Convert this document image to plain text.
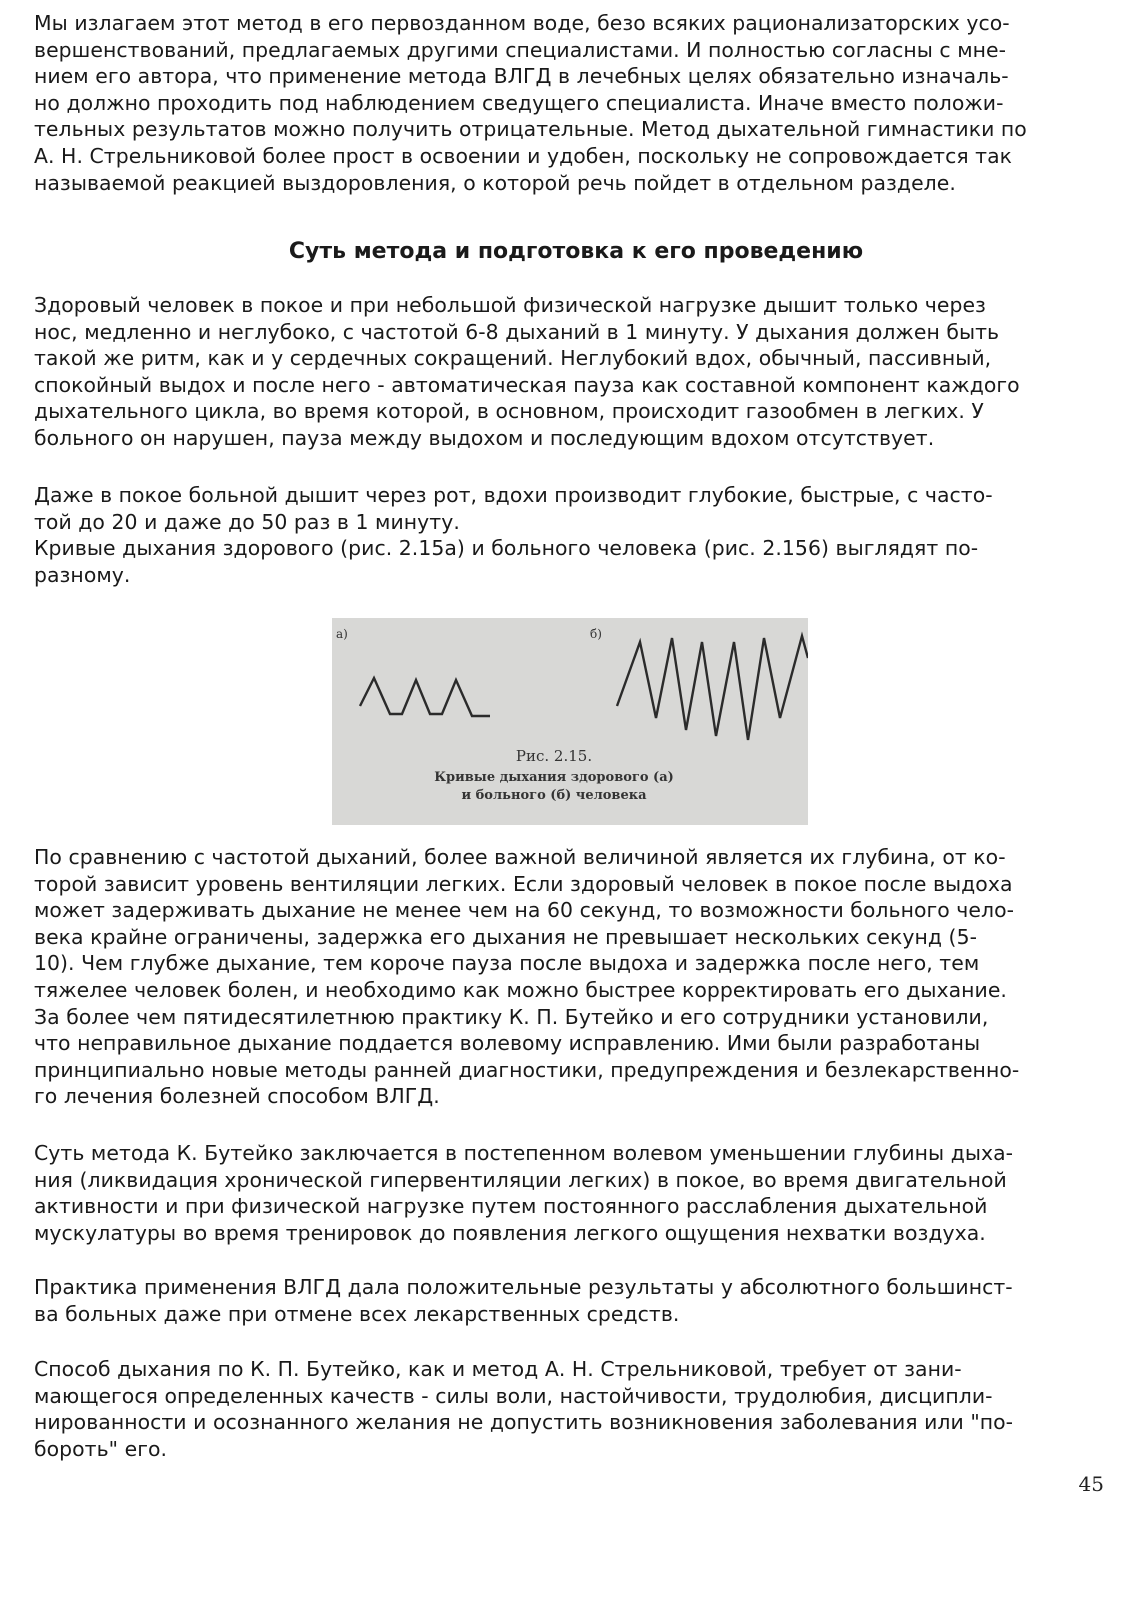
Мы излагаем этот метод в его первозданном воде, безо всяких рационализаторских усо-
вершенствований, предлагаемых другими специалистами. И полностью согласны с мне-
нием его автора, что применение метода ВЛГД в лечебных целях обязательно изначаль-
но должно проходить под наблюдением сведущего специалиста. Иначе вместо положи-
тельных результатов можно получить отрицательные. Метод дыхательной гимнастики по
А. Н. Стрельниковой более прост в освоении и удобен, поскольку не сопровождается так
называемой реакцией выздоровления, о которой речь пойдет в отдельном разделе.
Суть метода и подготовка к его проведению
Здоровый человек в покое и при небольшой физической нагрузке дышит только через
нос, медленно и неглубоко, с частотой 6-8 дыханий в 1 минуту. У дыхания должен быть
такой же ритм, как и у сердечных сокращений. Неглубокий вдох, обычный, пассивный,
спокойный выдох и после него - автоматическая пауза как составной компонент каждого
дыхательного цикла, во время которой, в основном, происходит газообмен в легких. У
больного он нарушен, пауза между выдохом и последующим вдохом отсутствует.
Даже в покое больной дышит через рот, вдохи производит глубокие, быстрые, с часто-
той до 20 и даже до 50 раз в 1 минуту.
Кривые дыхания здорового (рис. 2.15а) и больного человека (рис. 2.156) выглядят по-
разному.
По сравнению с частотой дыханий, более важной величиной является их глубина, от ко-
торой зависит уровень вентиляции легких. Если здоровый человек в покое после выдоха
может задерживать дыхание не менее чем на 60 секунд, то возможности больного чело-
века крайне ограничены, задержка его дыхания не превышает нескольких секунд (5-
10). Чем глубже дыхание, тем короче пауза после выдоха и задержка после него, тем
тяжелее человек болен, и необходимо как можно быстрее корректировать его дыхание.
За более чем пятидесятилетнюю практику К. П. Бутейко и его сотрудники установили,
что неправильное дыхание поддается волевому исправлению. Ими были разработаны
принципиально новые методы ранней диагностики, предупреждения и безлекарственно-
го лечения болезней способом ВЛГД.
Суть метода К. Бутейко заключается в постепенном волевом уменьшении глубины дыха-
ния (ликвидация хронической гипервентиляции легких) в покое, во время двигательной
активности и при физической нагрузке путем постоянного расслабления дыхательной
мускулатуры во время тренировок до появления легкого ощущения нехватки воздуха.
Практика применения ВЛГД дала положительные результаты у абсолютного большинст-
ва больных даже при отмене всех лекарственных средств.
Способ дыхания по К. П. Бутейко, как и метод А. Н. Стрельниковой, требует от зани-
мающегося определенных качеств - силы воли, настойчивости, трудолюбия, дисципли-
нированности и осознанного желания не допустить возникновения заболевания или "по-
бороть" его.
а)	б)
Рис. 2.15.
Кривые дыхания здорового (а)
и больного (б) человека
45
